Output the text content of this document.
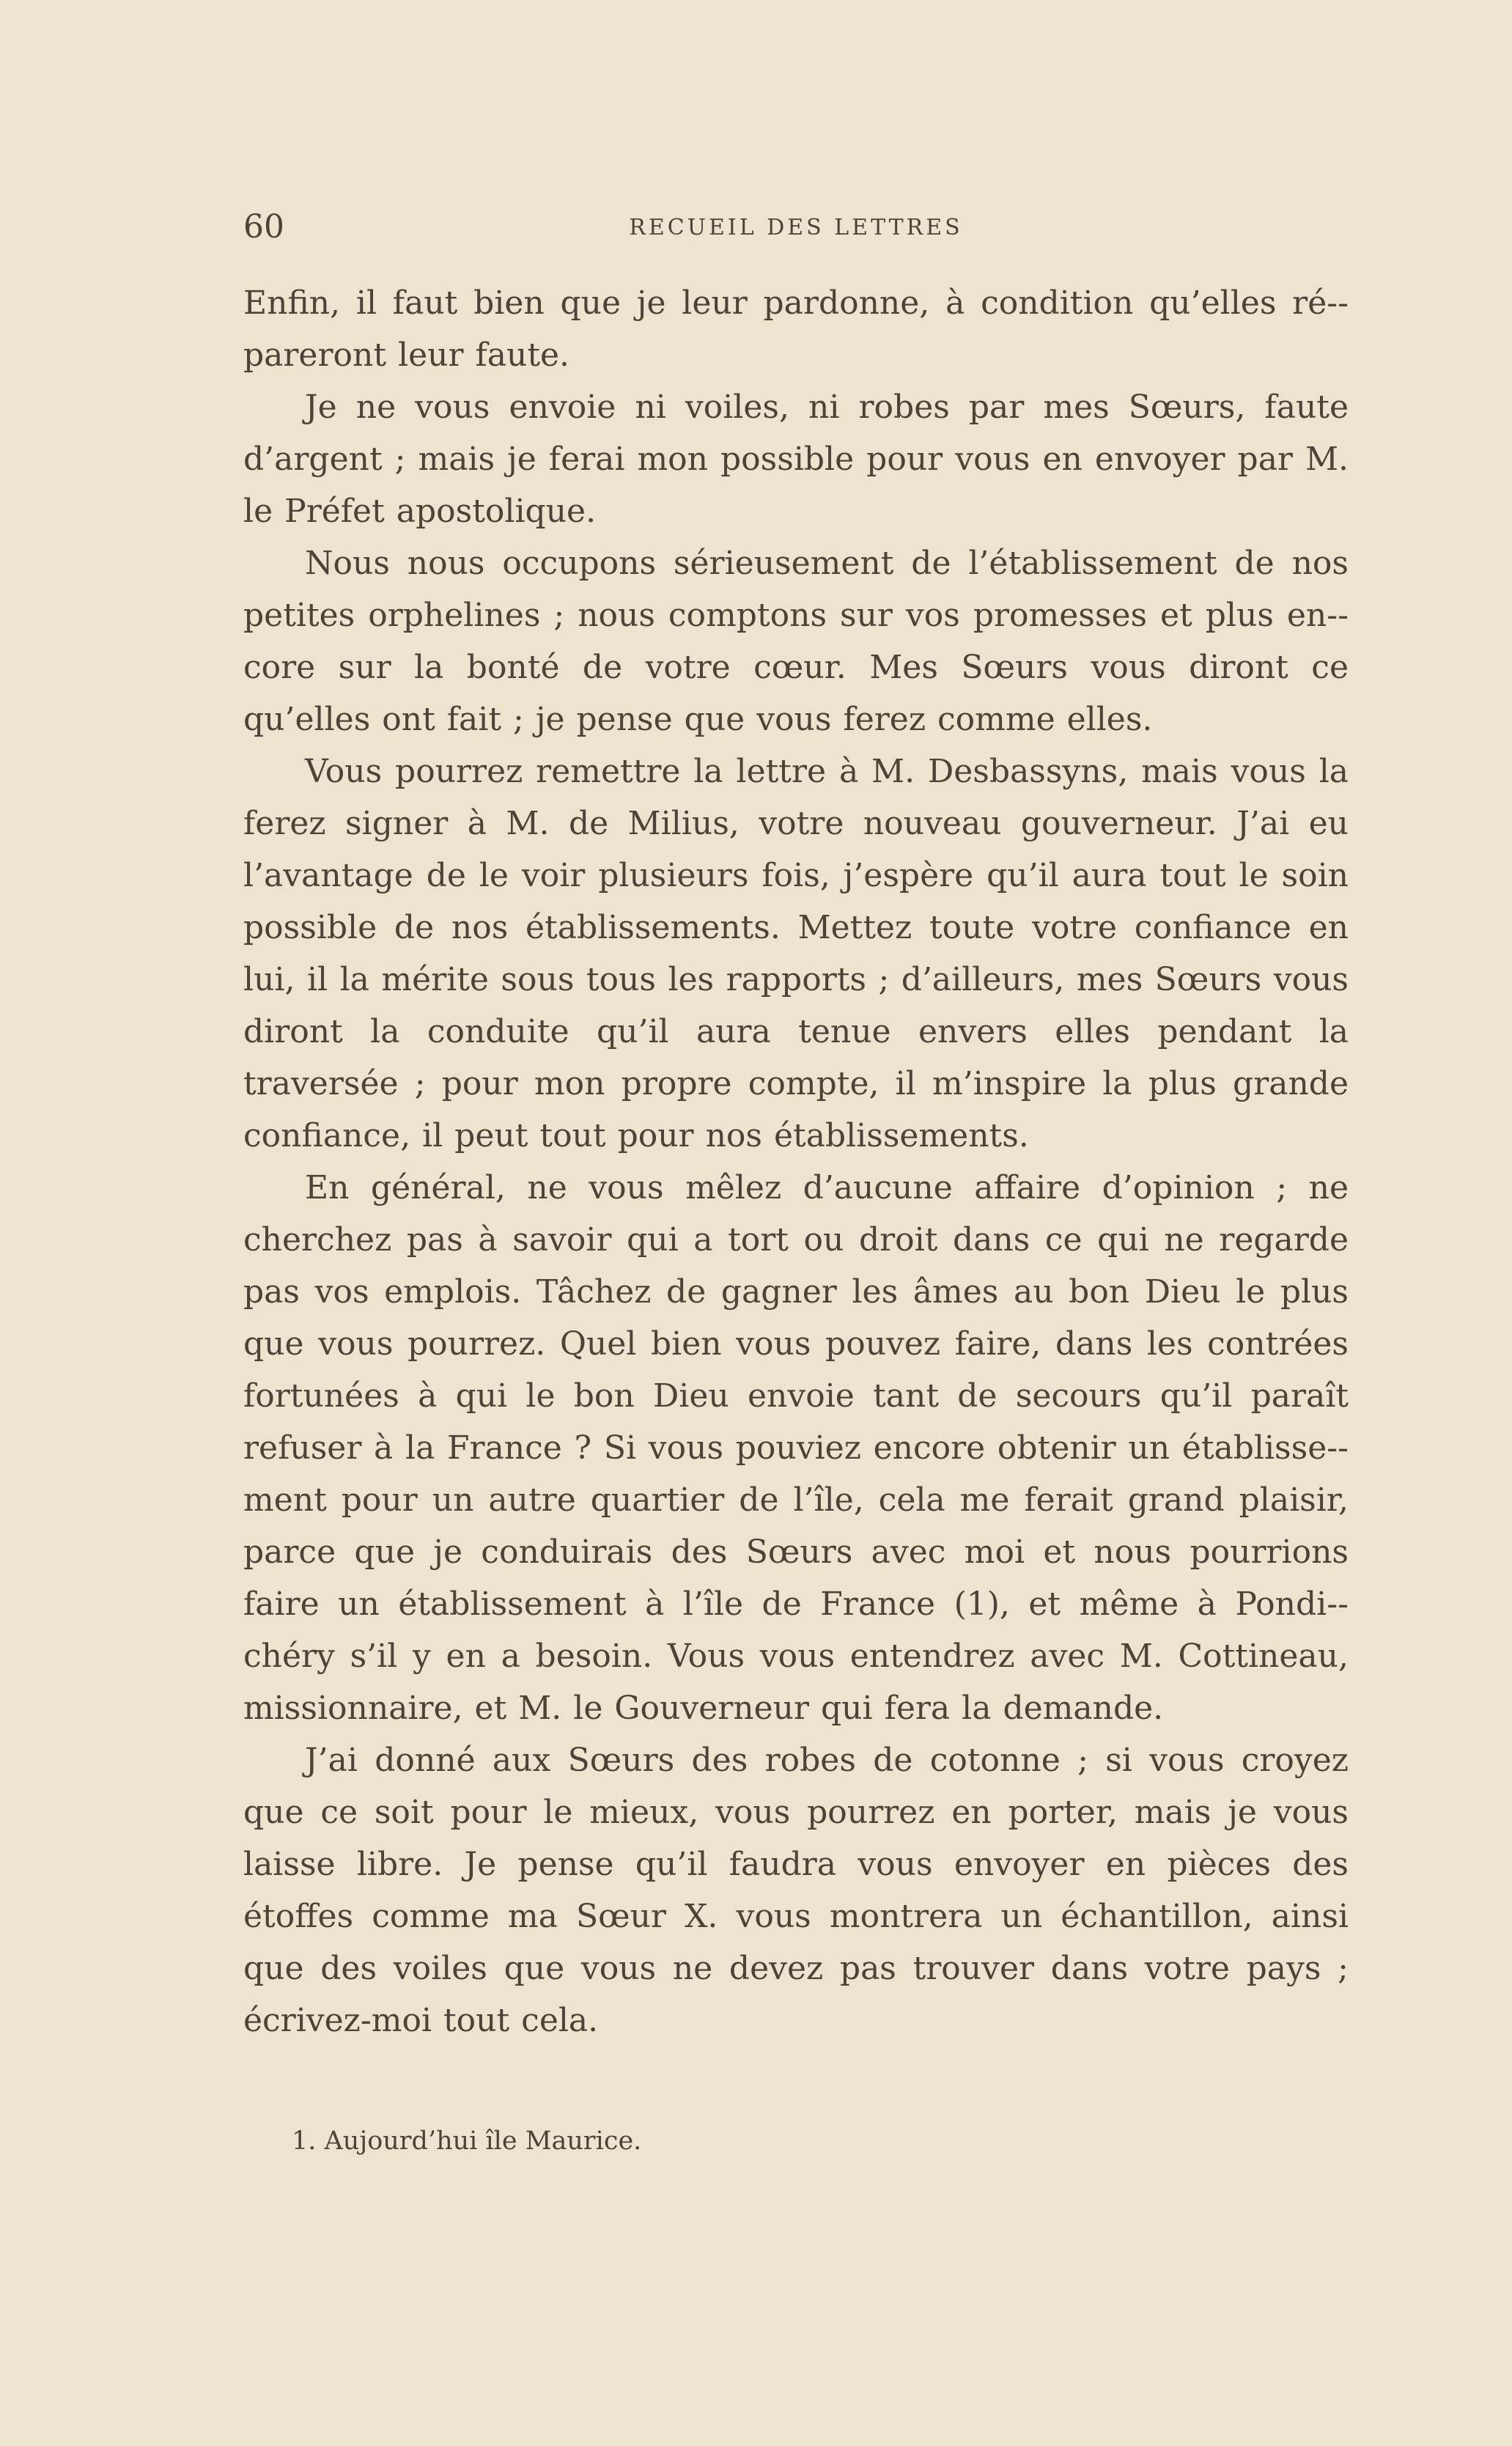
60	RECUEIL DES LETTRES

Enfin, il faut bien que je leur pardonne, à condition qu’elles ré-pareront leur faute.

Je ne vous envoie ni voiles, ni robes par mes Sœurs, faute d’argent ; mais je ferai mon possible pour vous en envoyer par M. le Préfet apostolique.

Nous nous occupons sérieusement de l’établissement de nos petites orphelines ; nous comptons sur vos promesses et plus en-core sur la bonté de votre cœur. Mes Sœurs vous diront ce qu’elles ont fait ; je pense que vous ferez comme elles.

Vous pourrez remettre la lettre à M. Desbassyns, mais vous la ferez signer à M. de Milius, votre nouveau gouverneur. J’ai eu l’avantage de le voir plusieurs fois, j’espère qu’il aura tout le soin possible de nos établissements. Mettez toute votre confiance en lui, il la mérite sous tous les rapports ; d’ailleurs, mes Sœurs vous diront la conduite qu’il aura tenue envers elles pendant la traversée ; pour mon propre compte, il m’inspire la plus grande confiance, il peut tout pour nos établissements.

En général, ne vous mêlez d’aucune affaire d’opinion ; ne cherchez pas à savoir qui a tort ou droit dans ce qui ne regarde pas vos emplois. Tâchez de gagner les âmes au bon Dieu le plus que vous pourrez. Quel bien vous pouvez faire, dans les contrées fortunées à qui le bon Dieu envoie tant de secours qu’il paraît refuser à la France ? Si vous pouviez encore obtenir un établisse-ment pour un autre quartier de l’île, cela me ferait grand plaisir, parce que je conduirais des Sœurs avec moi et nous pourrions faire un établissement à l’île de France (1), et même à Pondi-chéry s’il y en a besoin. Vous vous entendrez avec M. Cottineau, missionnaire, et M. le Gouverneur qui fera la demande.

J’ai donné aux Sœurs des robes de cotonne ; si vous croyez que ce soit pour le mieux, vous pourrez en porter, mais je vous laisse libre. Je pense qu’il faudra vous envoyer en pièces des étoffes comme ma Sœur X. vous montrera un échantillon, ainsi que des voiles que vous ne devez pas trouver dans votre pays ; écrivez-moi tout cela.

1. Aujourd’hui île Maurice.
